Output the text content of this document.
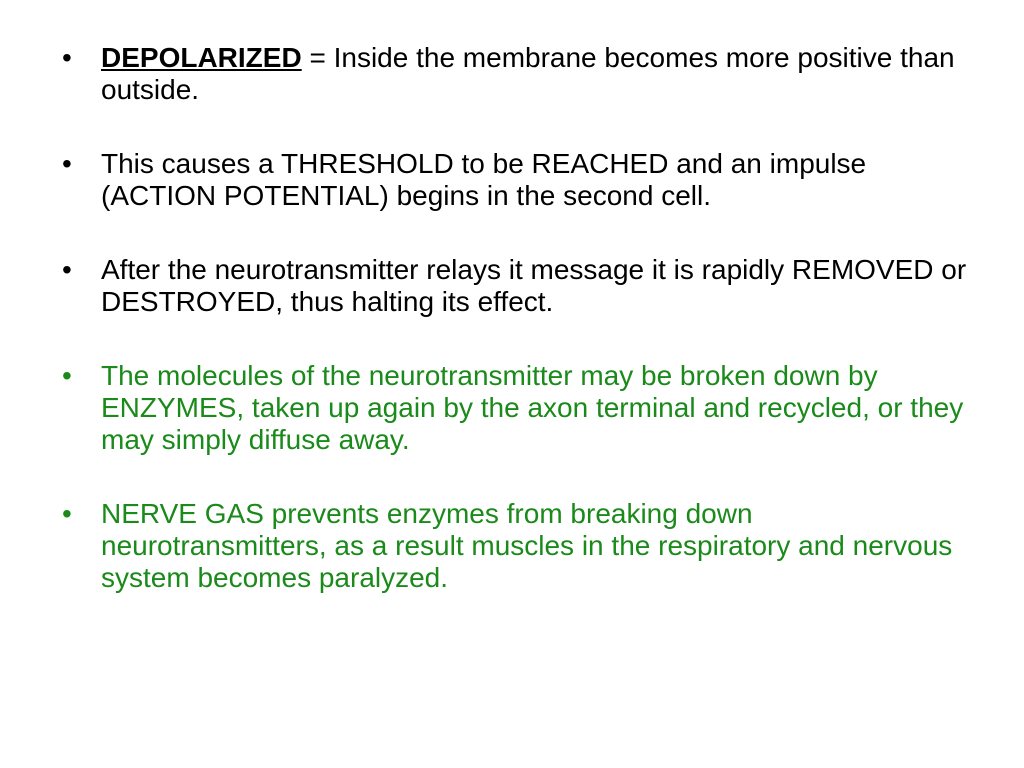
• DEPOLARIZED = Inside the membrane becomes more positive than outside.
• This causes a THRESHOLD to be REACHED and an impulse (ACTION POTENTIAL) begins in the second cell.
• After the neurotransmitter relays it message it is rapidly REMOVED or DESTROYED, thus halting its effect.
• The molecules of the neurotransmitter may be broken down by ENZYMES, taken up again by the axon terminal and recycled, or they may simply diffuse away.
• NERVE GAS prevents enzymes from breaking down neurotransmitters, as a result muscles in the respiratory and nervous system becomes paralyzed.
